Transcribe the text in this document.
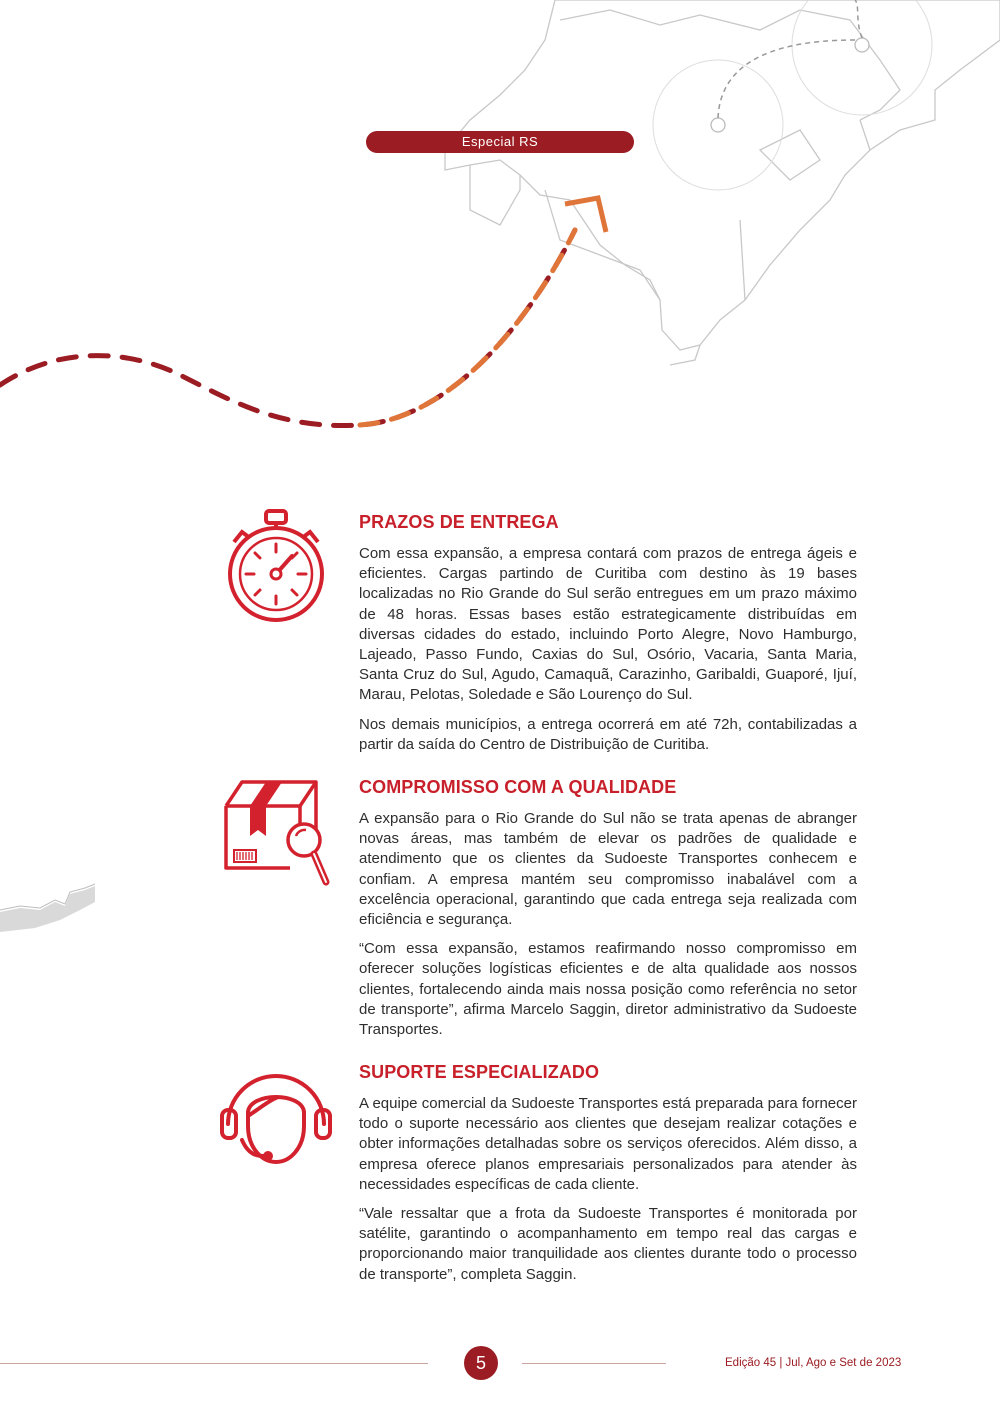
Especial RS
PRAZOS DE ENTREGA

Com essa expansão, a empresa contará com prazos de entrega ágeis e eficientes. Cargas partindo de Curitiba com destino às 19 bases localizadas no Rio Grande do Sul serão entregues em um prazo máximo de 48 horas. Essas bases estão estrategicamente distribuídas em diversas cidades do estado, incluindo Porto Alegre, Novo Hamburgo, Lajeado, Passo Fundo, Caxias do Sul, Osório, Vacaria, Santa Maria, Santa Cruz do Sul, Agudo, Camaquã, Carazinho, Garibaldi, Guaporé, Ijuí, Marau, Pelotas, Soledade e São Lourenço do Sul.

Nos demais municípios, a entrega ocorrerá em até 72h, contabilizadas a partir da saída do Centro de Distribuição de Curitiba.

COMPROMISSO COM A QUALIDADE

A expansão para o Rio Grande do Sul não se trata apenas de abranger novas áreas, mas também de elevar os padrões de qualidade e atendimento que os clientes da Sudoeste Transportes conhecem e confiam. A empresa mantém seu compromisso inabalável com a excelência operacional, garantindo que cada entrega seja realizada com eficiência e segurança.

“Com essa expansão, estamos reafirmando nosso compromisso em oferecer soluções logísticas eficientes e de alta qualidade aos nossos clientes, fortalecendo ainda mais nossa posição como referência no setor de transporte”, afirma Marcelo Saggin, diretor administrativo da Sudoeste Transportes.

SUPORTE ESPECIALIZADO

A equipe comercial da Sudoeste Transportes está preparada para fornecer todo o suporte necessário aos clientes que desejam realizar cotações e obter informações detalhadas sobre os serviços oferecidos. Além disso, a empresa oferece planos empresariais personalizados para atender às necessidades específicas de cada cliente.

“Vale ressaltar que a frota da Sudoeste Transportes é monitorada por satélite, garantindo o acompanhamento em tempo real das cargas e proporcionando maior tranquilidade aos clientes durante todo o processo de transporte”, completa Saggin.

5	Edição 45 | Jul, Ago e Set de 2023
